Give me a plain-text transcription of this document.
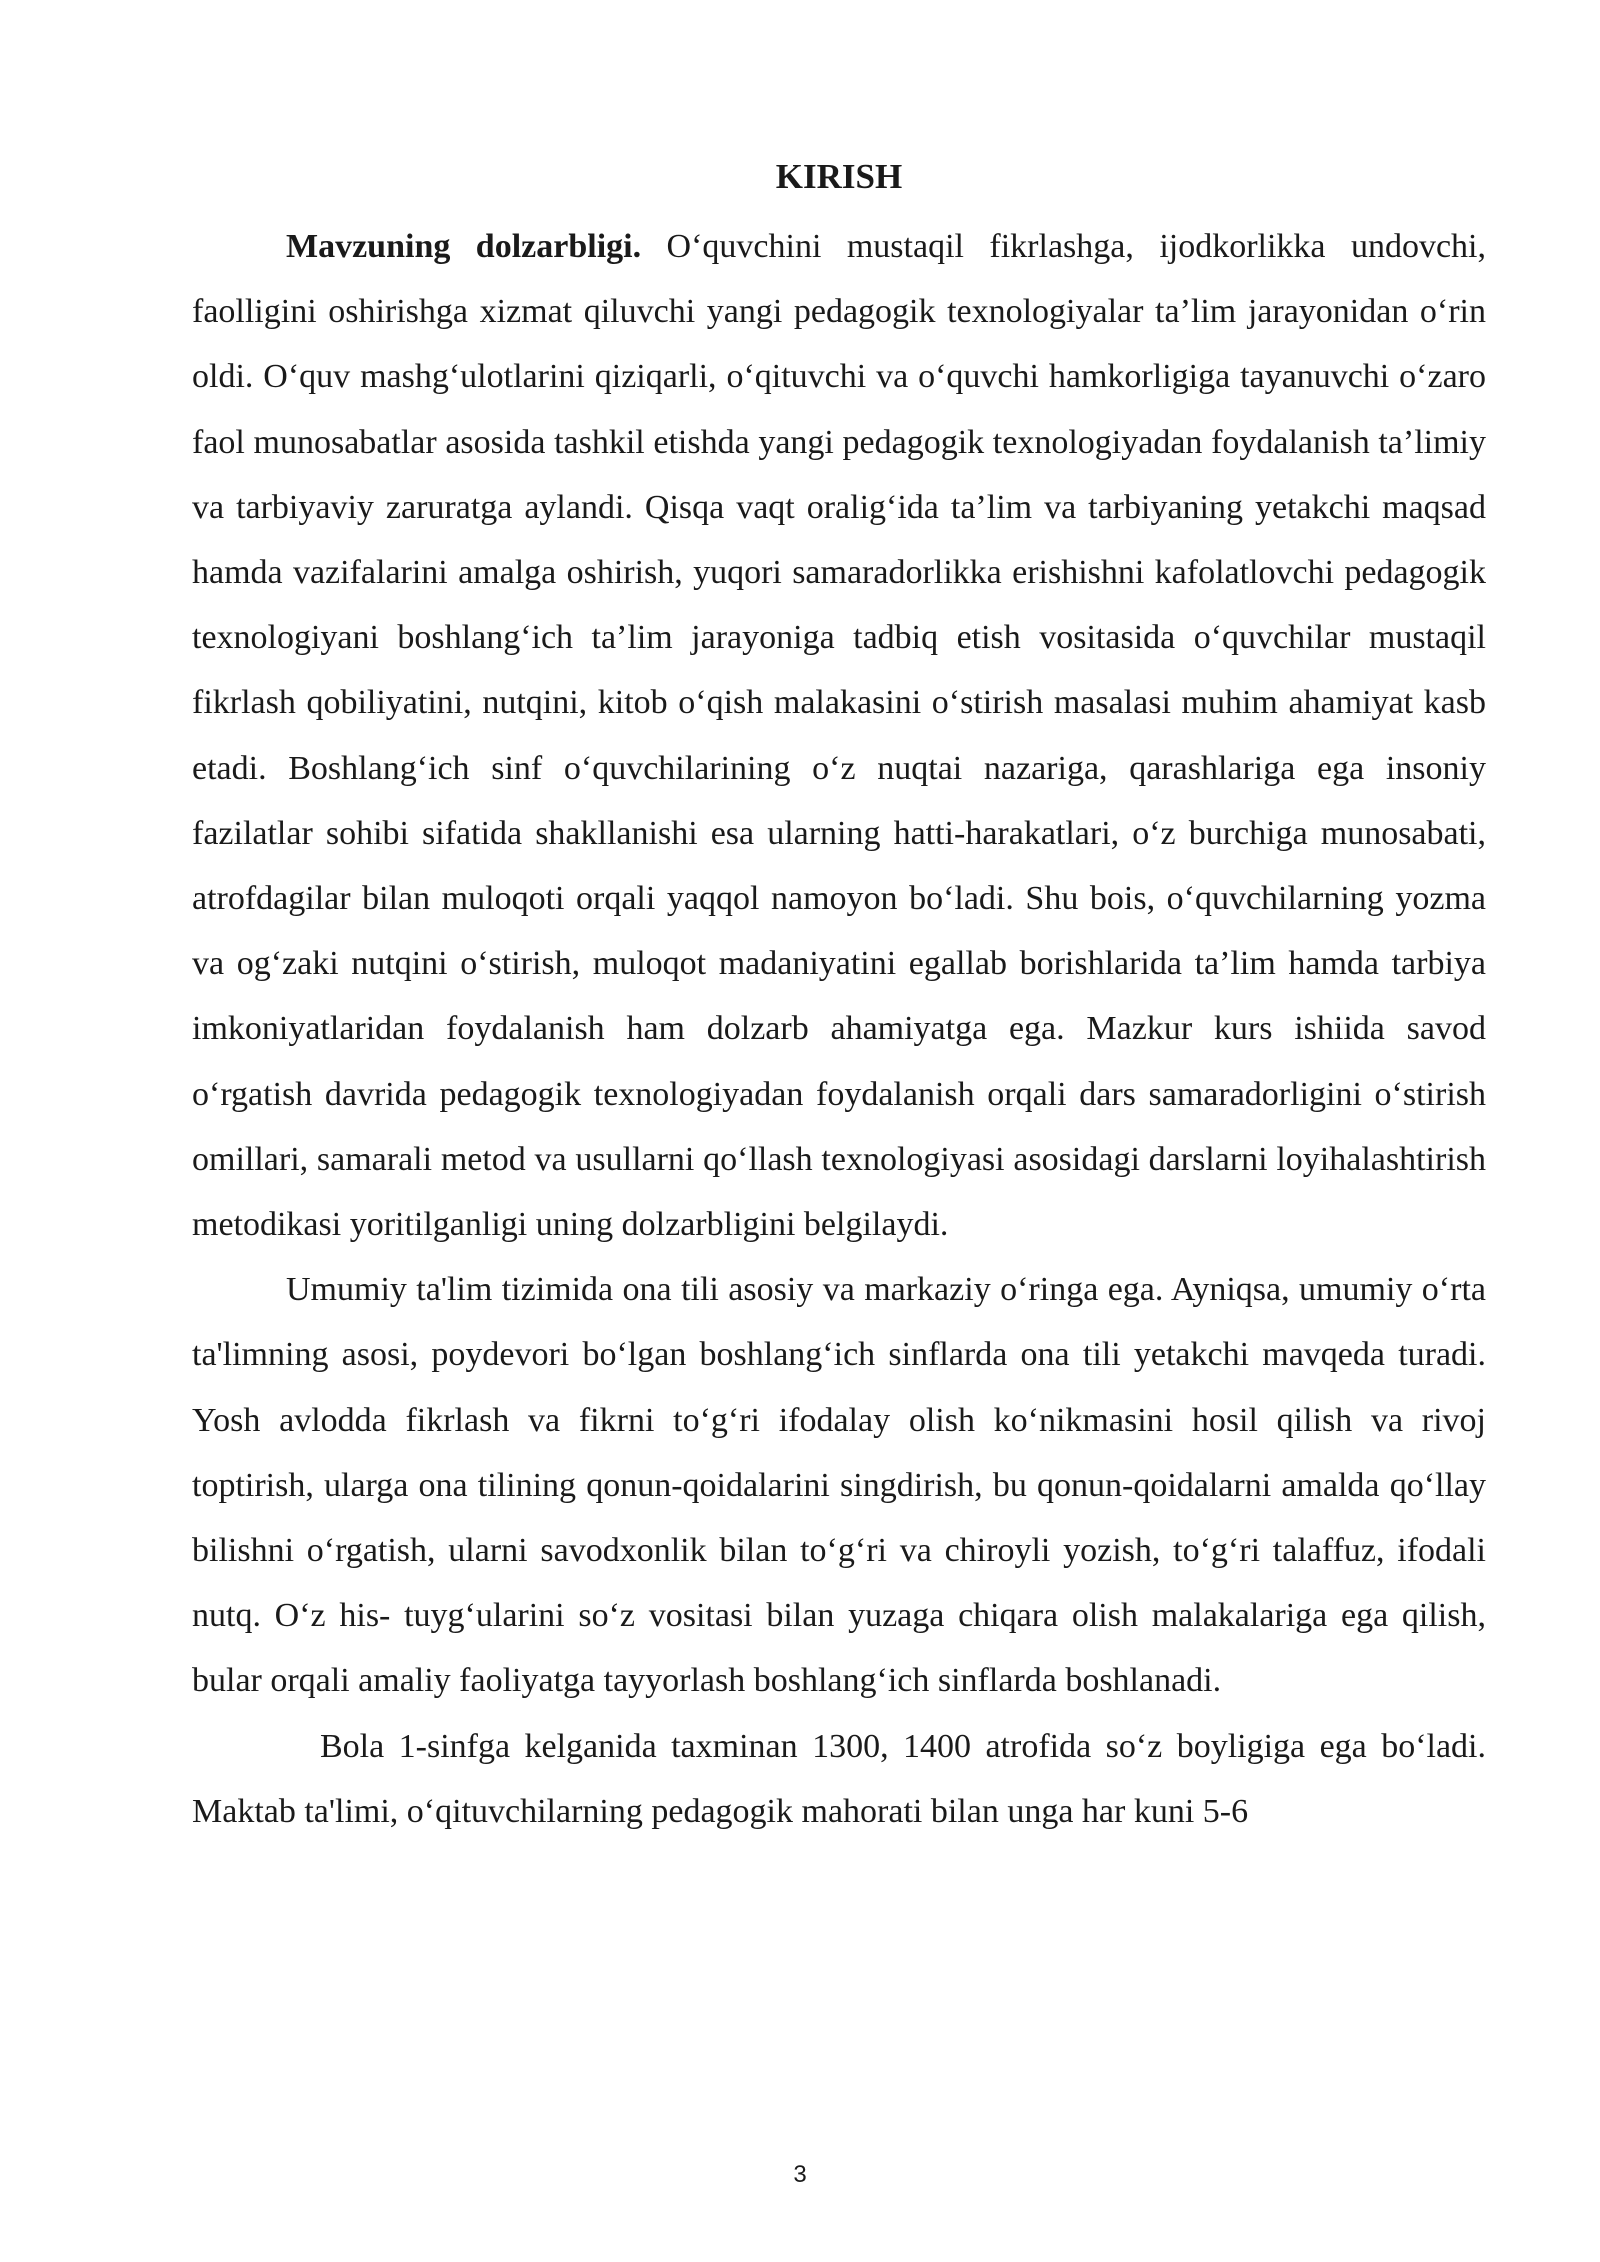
KIRISH

Mavzuning dolzarbligi. O‘quvchini mustaqil fikrlashga, ijodkorlikka undovchi, faolligini oshirishga xizmat qiluvchi yangi pedagogik texnologiyalar ta’lim jarayonidan o‘rin oldi. O‘quv mashg‘ulotlarini qiziqarli, o‘qituvchi va o‘quvchi hamkorligiga tayanuvchi o‘zaro faol munosabatlar asosida tashkil etishda yangi pedagogik texnologiyadan foydalanish ta’limiy va tarbiyaviy zaruratga aylandi. Qisqa vaqt oralig‘ida ta’lim va tarbiyaning yetakchi maqsad hamda vazifalarini amalga oshirish, yuqori samaradorlikka erishishni kafolatlovchi pedagogik texnologiyani boshlang‘ich ta’lim jarayoniga tadbiq etish vositasida o‘quvchilar mustaqil fikrlash qobiliyatini, nutqini, kitob o‘qish malakasini o‘stirish masalasi muhim ahamiyat kasb etadi. Boshlang‘ich sinf o‘quvchilarining o‘z nuqtai nazariga, qarashlariga ega insoniy fazilatlar sohibi sifatida shakllanishi esa ularning hatti-harakatlari, o‘z burchiga munosabati, atrofdagilar bilan muloqoti orqali yaqqol namoyon bo‘ladi. Shu bois, o‘quvchilarning yozma va og‘zaki nutqini o‘stirish, muloqot madaniyatini egallab borishlarida ta’lim hamda tarbiya imkoniyatlaridan foydalanish ham dolzarb ahamiyatga ega. Mazkur kurs ishiida savod o‘rgatish davrida pedagogik texnologiyadan foydalanish orqali dars samaradorligini o‘stirish omillari, samarali metod va usullarni qo‘llash texnologiyasi asosidagi darslarni loyihalashtirish metodikasi yoritilganligi uning dolzarbligini belgilaydi.

Umumiy ta'lim tizimida ona tili asosiy va markaziy o‘ringa ega. Ayniqsa, umumiy o‘rta ta'limning asosi, poydevori bo‘lgan boshlang‘ich sinflarda ona tili yetakchi mavqeda turadi. Yosh avlodda fikrlash va fikrni to‘g‘ri ifodalay olish ko‘nikmasini hosil qilish va rivoj toptirish, ularga ona tilining qonun-qoidalarini singdirish, bu qonun-qoidalarni amalda qo‘llay bilishni o‘rgatish, ularni savodxonlik bilan to‘g‘ri va chiroyli yozish, to‘g‘ri talaffuz, ifodali nutq. O‘z his- tuyg‘ularini so‘z vositasi bilan yuzaga chiqara olish malakalariga ega qilish, bular orqali amaliy faoliyatga tayyorlash boshlang‘ich sinflarda boshlanadi.

Bola 1-sinfga kelganida taxminan 1300, 1400 atrofida so‘z boyligiga ega bo‘ladi. Maktab ta'limi, o‘qituvchilarning pedagogik mahorati bilan unga har kuni 5-6

3
